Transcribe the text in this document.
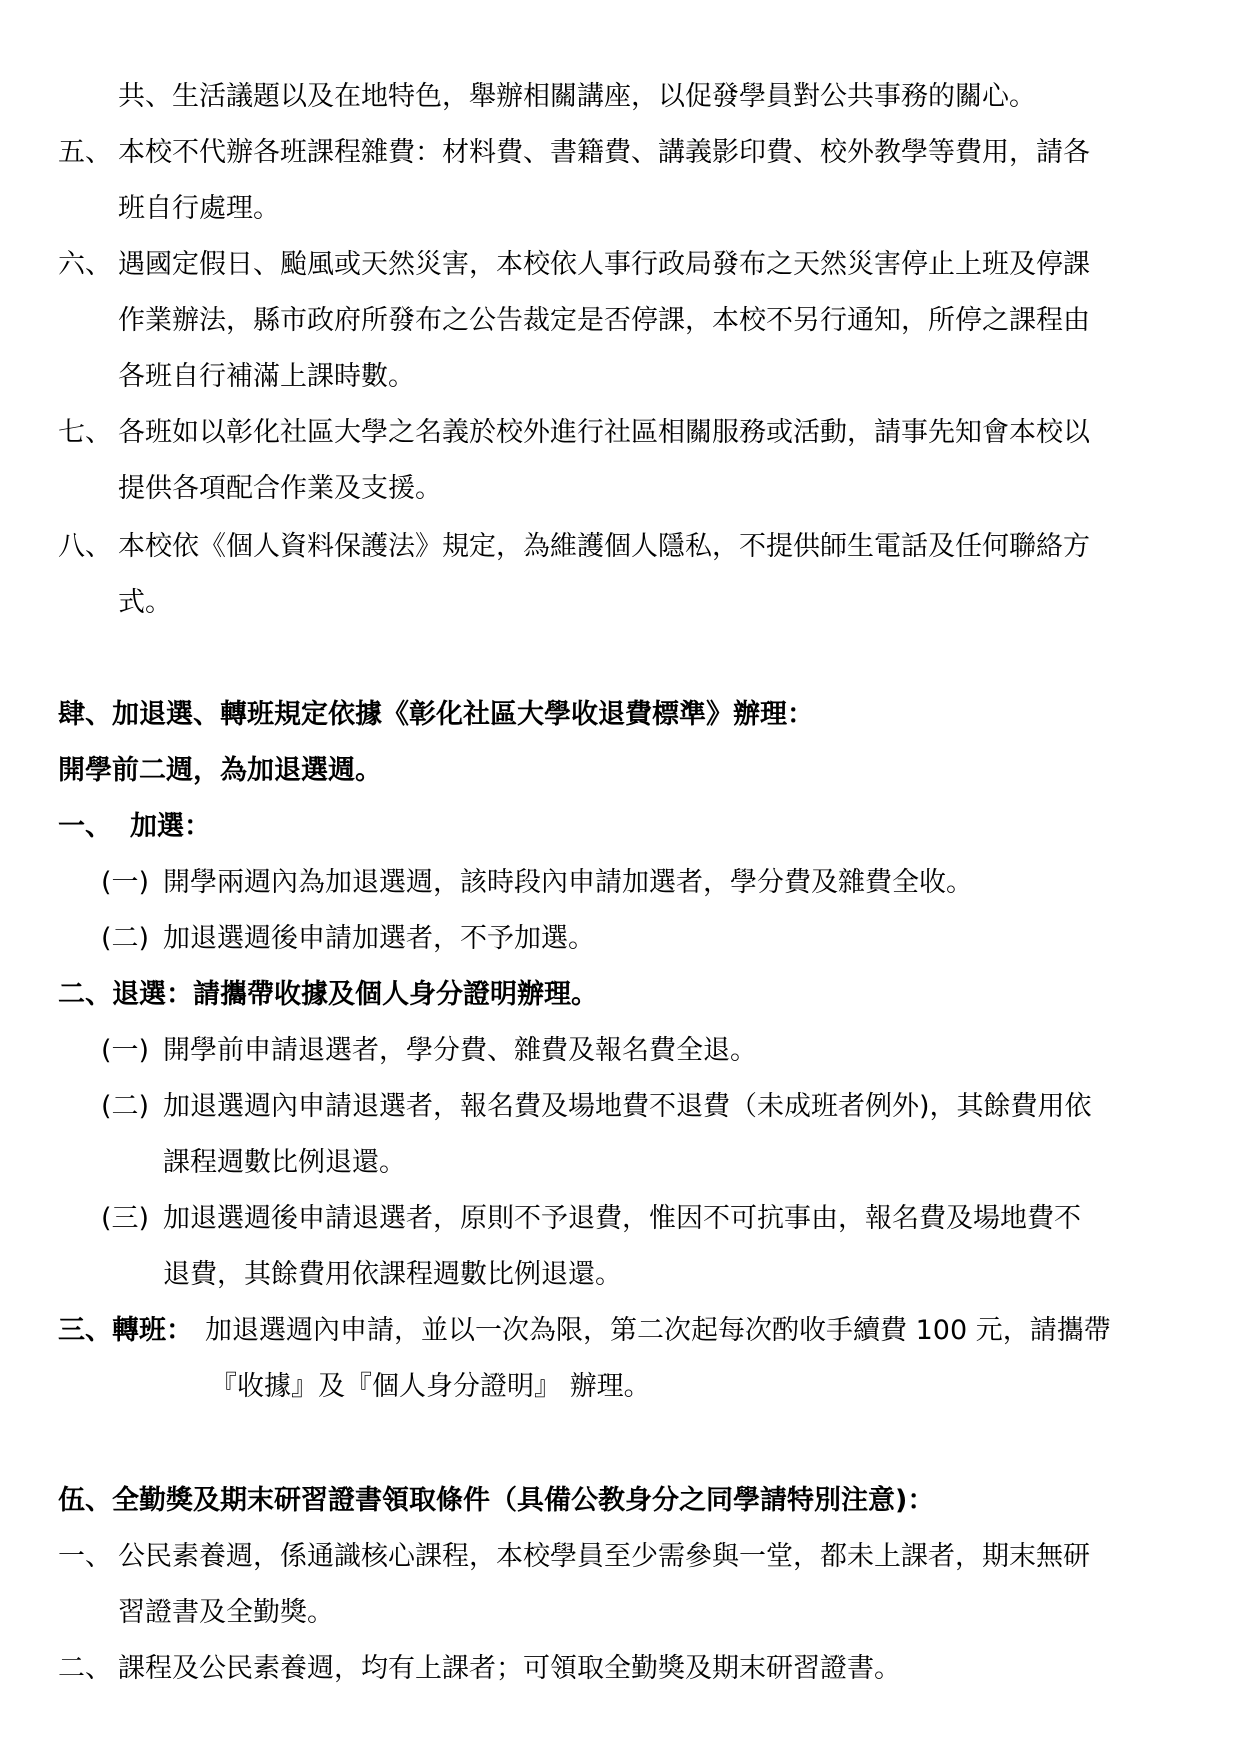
共、生活議題以及在地特色，舉辦相關講座，以促發學員對公共事務的關心。
五、 本校不代辦各班課程雜費：材料費、書籍費、講義影印費、校外教學等費用，請各
班自行處理。
六、 遇國定假日、颱風或天然災害，本校依人事行政局發布之天然災害停止上班及停課
作業辦法，縣市政府所發布之公告裁定是否停課，本校不另行通知，所停之課程由
各班自行補滿上課時數。
七、 各班如以彰化社區大學之名義於校外進行社區相關服務或活動，請事先知會本校以
提供各項配合作業及支援。
八、 本校依《個人資料保護法》規定，為維護個人隱私，不提供師生電話及任何聯絡方
式。
肆、加退選、轉班規定依據《彰化社區大學收退費標準》辦理：
開學前二週，為加退選週。
一、 加選：
(一) 開學兩週內為加退選週，該時段內申請加選者，學分費及雜費全收。
(二) 加退選週後申請加選者，不予加選。
二、退選：請攜帶收據及個人身分證明辦理。
(一) 開學前申請退選者，學分費、雜費及報名費全退。
(二) 加退選週內申請退選者，報名費及場地費不退費（未成班者例外)，其餘費用依
課程週數比例退還。
(三) 加退選週後申請退選者，原則不予退費，惟因不可抗事由，報名費及場地費不
退費，其餘費用依課程週數比例退還。
三、轉班： 加退選週內申請，並以一次為限，第二次起每次酌收手續費 100 元，請攜帶
『收據』及『個人身分證明』 辦理。
伍、全勤獎及期末研習證書領取條件（具備公教身分之同學請特別注意)：
一、 公民素養週，係通識核心課程，本校學員至少需參與一堂，都未上課者，期末無研
習證書及全勤獎。
二、 課程及公民素養週，均有上課者；可領取全勤獎及期末研習證書。
